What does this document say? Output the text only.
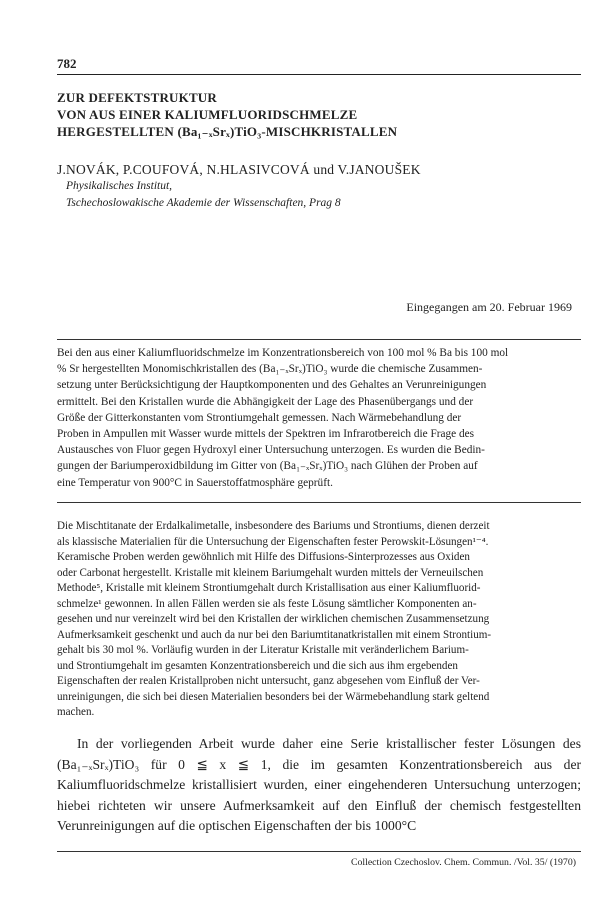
782
ZUR DEFEKTSTRUKTUR
VON AUS EINER KALIUMFLUORIDSCHMELZE
HERGESTELLTEN (Ba₁₋ₓSrₓ)TiO₃-MISCHKRISTALLEN
J.NOVÁK, P.COUFOVÁ, N.HLASIVCOVÁ und V.JANOUŠEK
Physikalisches Institut,
Tschechoslowakische Akademie der Wissenschaften, Prag 8
Eingegangen am 20. Februar 1969

Bei den aus einer Kaliumfluoridschmelze im Konzentrationsbereich von 100 mol % Ba bis 100 mol
% Sr hergestellten Monomischkristallen des (Ba₁₋ₓSrₓ)TiO₃ wurde die chemische Zusammen-
setzung unter Berücksichtigung der Hauptkomponenten und des Gehaltes an Verunreinigungen
ermittelt. Bei den Kristallen wurde die Abhängigkeit der Lage des Phasenübergangs und der
Größe der Gitterkonstanten vom Strontiumgehalt gemessen. Nach Wärmebehandlung der
Proben in Ampullen mit Wasser wurde mittels der Spektren im Infrarotbereich die Frage des
Austausches von Fluor gegen Hydroxyl einer Untersuchung unterzogen. Es wurden die Bedin-
gungen der Bariumperoxidbildung im Gitter von (Ba₁₋ₓSrₓ)TiO₃ nach Glühen der Proben auf
eine Temperatur von 900°C in Sauerstoffatmosphäre geprüft.

Die Mischtitanate der Erdalkalimetalle, insbesondere des Bariums und Strontiums, dienen derzeit
als klassische Materialien für die Untersuchung der Eigenschaften fester Perowskit-Lösungen¹⁻⁴.
Keramische Proben werden gewöhnlich mit Hilfe des Diffusions-Sinterprozesses aus Oxiden
oder Carbonat hergestellt. Kristalle mit kleinem Bariumgehalt wurden mittels der Verneuilschen
Methode⁵, Kristalle mit kleinem Strontiumgehalt durch Kristallisation aus einer Kaliumfluorid-
schmelze¹ gewonnen. In allen Fällen werden sie als feste Lösung sämtlicher Komponenten an-
gesehen und nur vereinzelt wird bei den Kristallen der wirklichen chemischen Zusammensetzung
Aufmerksamkeit geschenkt und auch da nur bei den Bariumtitanatkristallen mit einem Strontium-
gehalt bis 30 mol %. Vorläufig wurden in der Literatur Kristalle mit veränderlichem Barium-
und Strontiumgehalt im gesamten Konzentrationsbereich und die sich aus ihm ergebenden
Eigenschaften der realen Kristallproben nicht untersucht, ganz abgesehen vom Einfluß der Ver-
unreinigungen, die sich bei diesen Materialien besonders bei der Wärmebehandlung stark geltend
machen.

In der vorliegenden Arbeit wurde daher eine Serie kristallischer fester Lösungen des (Ba₁₋ₓSrₓ)TiO₃ für 0 ≦ x ≦ 1, die im gesamten Konzentrationsbereich aus der Kaliumfluoridschmelze kristallisiert wurden, einer eingehenderen Untersuchung unterzogen; hiebei richteten wir unsere Aufmerksamkeit auf den Einfluß der chemisch festgestellten Verunreinigungen auf die optischen Eigenschaften der bis 1000°C

Collection Czechoslov. Chem. Commun. /Vol. 35/ (1970)
